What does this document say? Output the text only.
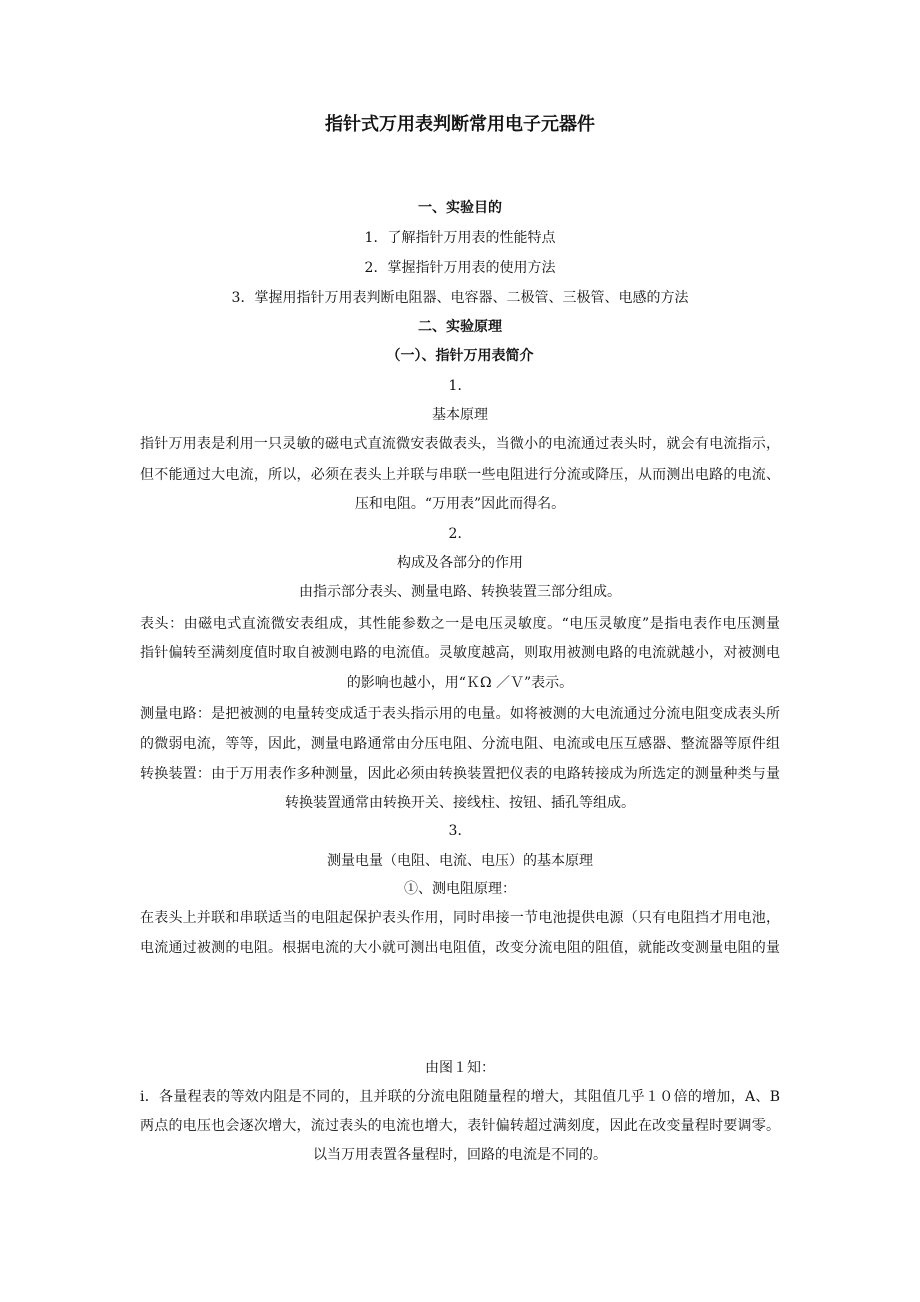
指针式万用表判断常用电子元器件
一、实验目的
1．了解指针万用表的性能特点
2．掌握指针万用表的使用方法
3．掌握用指针万用表判断电阻器、电容器、二极管、三极管、电感的方法
二、实验原理
（一）、指针万用表简介
1．
基本原理
指针万用表是利用一只灵敏的磁电式直流微安表做表头，当微小的电流通过表头时，就会有电流指示，
但不能通过大电流，所以，必须在表头上并联与串联一些电阻进行分流或降压，从而测出电路的电流、
压和电阻。“万用表”因此而得名。
2．
构成及各部分的作用
由指示部分表头、测量电路、转换装置三部分组成。
表头：由磁电式直流微安表组成，其性能参数之一是电压灵敏度。“电压灵敏度”是指电表作电压测量
指针偏转至满刻度值时取自被测电路的电流值。灵敏度越高，则取用被测电路的电流就越小，对被测电
的影响也越小，用“ＫΩ ／Ｖ”表示。
测量电路：是把被测的电量转变成适于表头指示用的电量。如将被测的大电流通过分流电阻变成表头所
的微弱电流，等等，因此，测量电路通常由分压电阻、分流电阻、电流或电压互感器、整流器等原件组
转换装置：由于万用表作多种测量，因此必须由转换装置把仪表的电路转接成为所选定的测量种类与量
转换装置通常由转换开关、接线柱、按钮、插孔等组成。
3．
测量电量（电阻、电流、电压）的基本原理
①、测电阻原理：
在表头上并联和串联适当的电阻起保护表头作用，同时串接一节电池提供电源（只有电阻挡才用电池，
电流通过被测的电阻。根据电流的大小就可测出电阻值，改变分流电阻的阻值，就能改变测量电阻的量
由图１知：
ⅰ．各量程表的等效内阻是不同的，且并联的分流电阻随量程的增大，其阻值几乎１０倍的增加，A、B
两点的电压也会逐次增大，流过表头的电流也增大，表针偏转超过满刻度，因此在改变量程时要调零。
以当万用表置各量程时，回路的电流是不同的。
